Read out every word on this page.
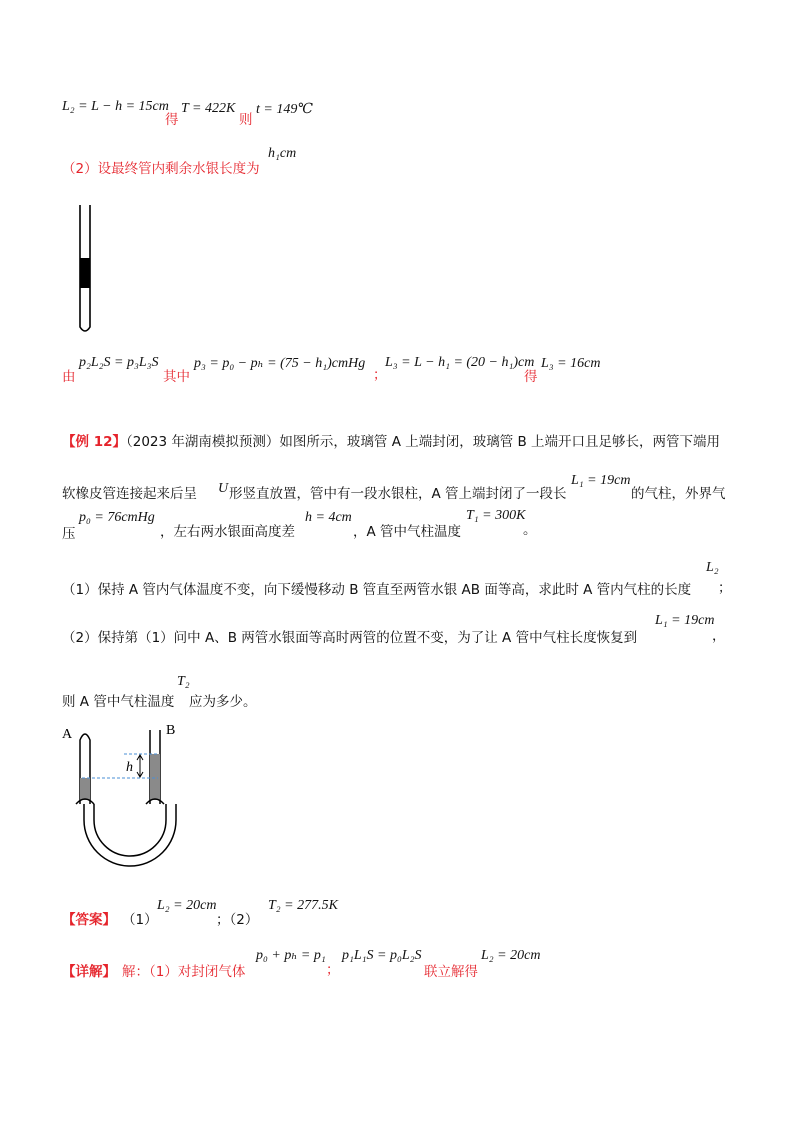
L₂ = L − h = 15cm
得
T = 422K
则
t = 149℃
（2）设最终管内剩余水银长度为
h₁cm
由
p₂L₂S = p₃L₃S
其中
p₃ = p₀ − pₕ = (75 − h₁)cmHg
；
L₃ = L − h₁ = (20 − h₁)cm
得
L₃ = 16cm
【例 12】（2023 年湖南模拟预测）如图所示，玻璃管 A 上端封闭，玻璃管 B 上端开口且足够长，两管下端用
软橡皮管连接起来后呈 U 形竖直放置，管中有一段水银柱，A 管上端封闭了一段长
L₁ = 19cm
的气柱，外界气
压
p₀ = 76cmHg
，左右两水银面高度差
h = 4cm
，A 管中气柱温度
T₁ = 300K
。
（1）保持 A 管内气体温度不变，向下缓慢移动 B 管直至两管水银 AB 面等高，求此时 A 管内气柱的长度
L₂
；
（2）保持第（1）问中 A、B 两管水银面等高时两管的位置不变，为了让 A 管中气柱长度恢复到
L₁ = 19cm
，
则 A 管中气柱温度
T₂
应为多少。
A	B
h
【答案】 （1）
L₂ = 20cm
；（2）
T₂ = 277.5K
【详解】 解：（1）对封闭气体
p₀ + pₕ = p₁
；
p₁L₁S = p₀L₂S
联立解得
L₂ = 20cm
